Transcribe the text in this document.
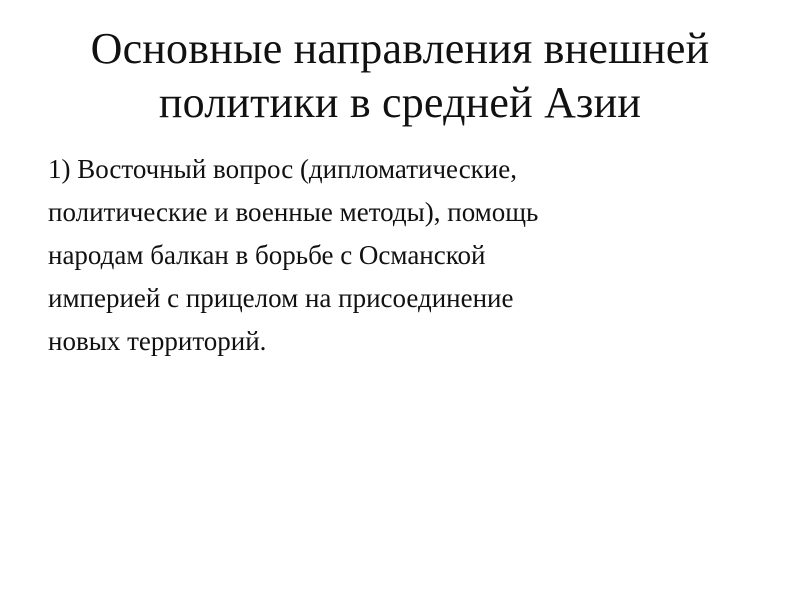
Основные направления внешней
политики в средней Азии

1) Восточный вопрос (дипломатические,
политические и военные методы), помощь
народам балкан в борьбе с Османской
империей с прицелом на присоединение
новых территорий.
